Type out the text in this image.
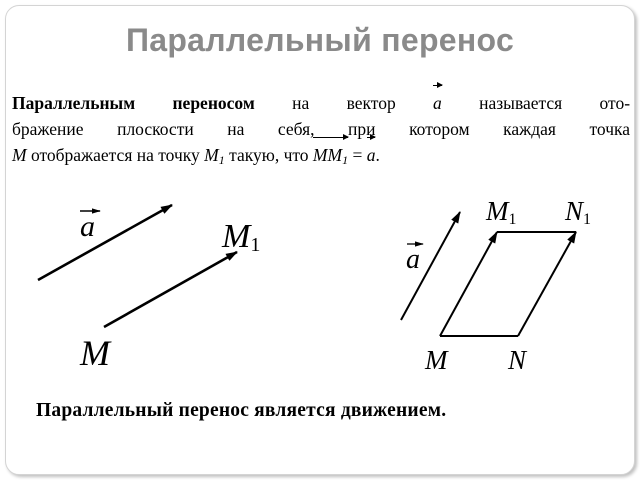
Параллельный перенос
Параллельным переносом на вектор a называется ото-
бражение плоскости на себя, при котором каждая точка
M отображается на точку $M_1$ такую, что $MM_1 = a$.
a
M
M1	a
M N
M1 N1
Параллельный перенос является движением.
